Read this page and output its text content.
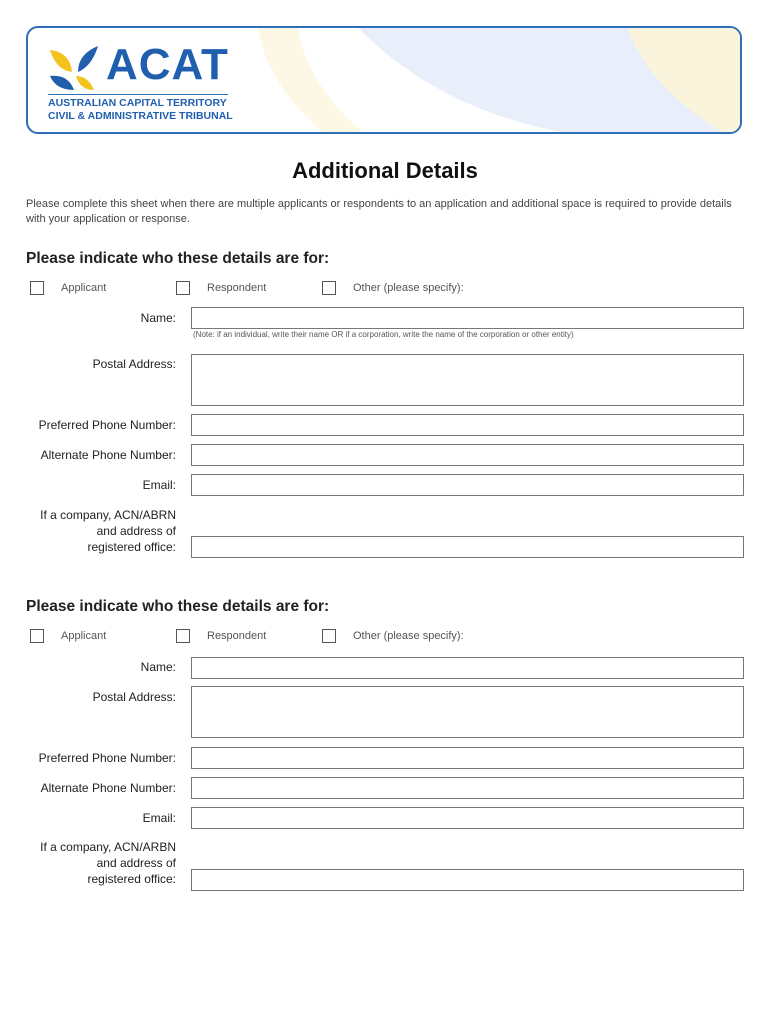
ACAT
AUSTRALIAN CAPITAL TERRITORY
CIVIL & ADMINISTRATIVE TRIBUNAL
Additional Details
Please complete this sheet when there are multiple applicants or respondents to an application and additional space is required to provide details with your application or response.
Please indicate who these details are for:
Applicant	Respondent	Other (please specify):
Name:
(Note: if an individual, write their name OR if a corporation, write the name of the corporation or other entity)
Postal Address:
Preferred Phone Number:
Alternate Phone Number:
Email:
If a company, ACN/ABRN
and address of
registered office:
Please indicate who these details are for:
Applicant	Respondent	Other (please specify):
Name:
Postal Address:
Preferred Phone Number:
Alternate Phone Number:
Email:
If a company, ACN/ARBN
and address of
registered office:
